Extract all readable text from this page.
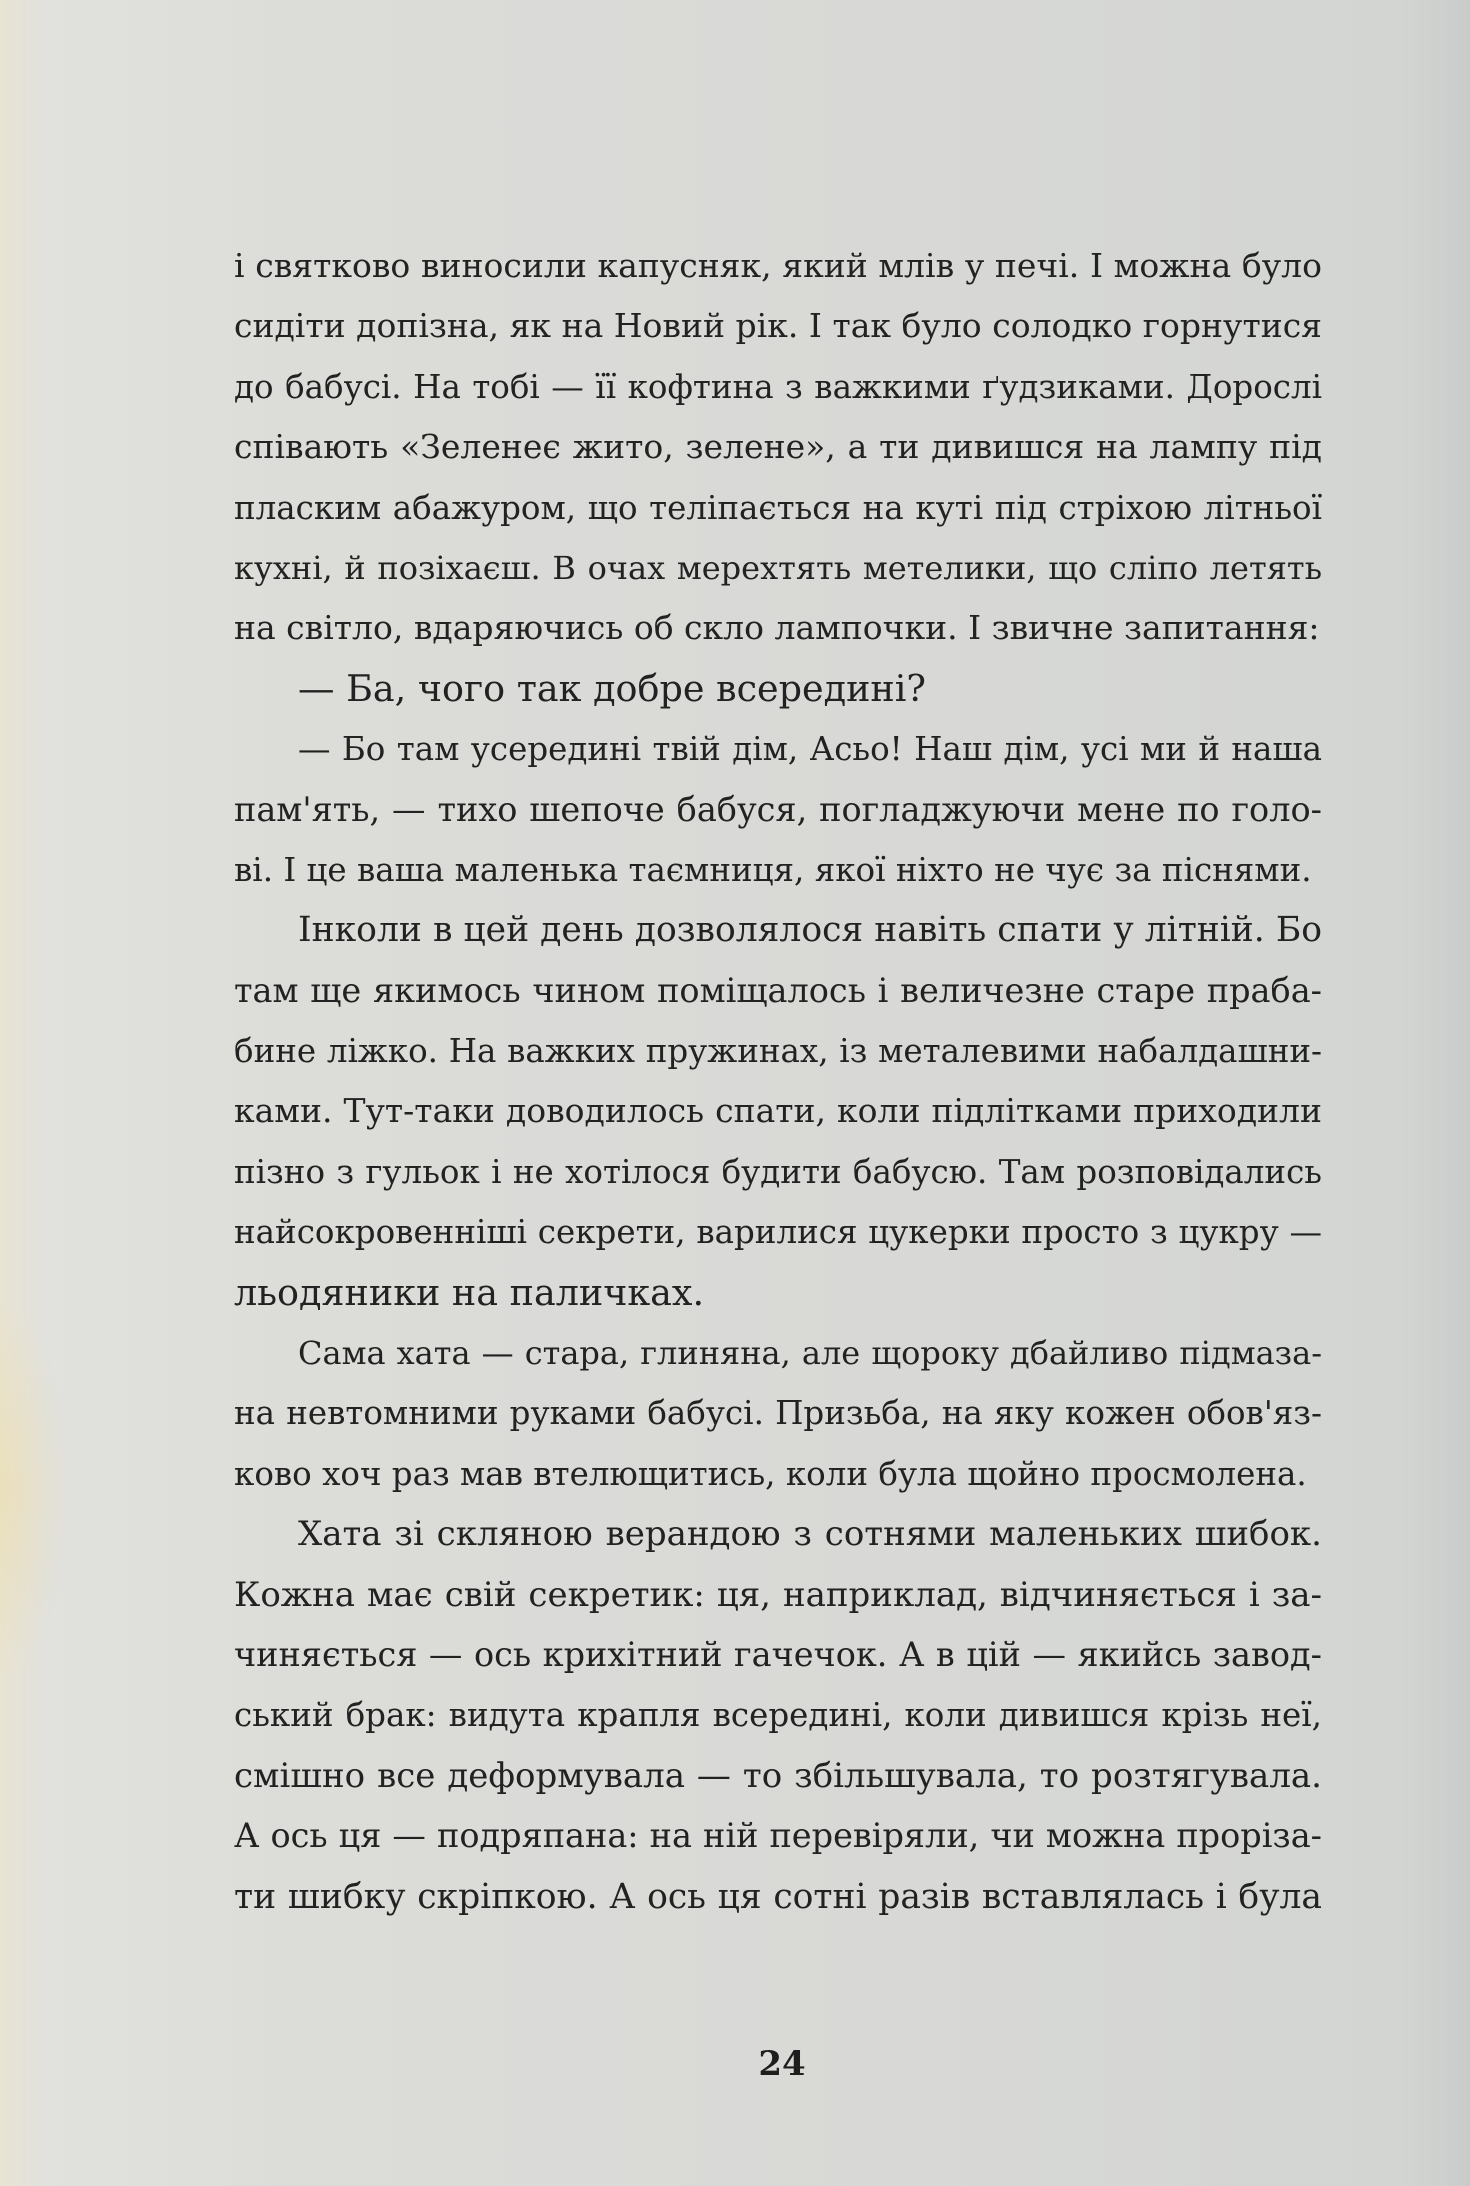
і святково виносили капусняк, який млів у печі. І можна було
сидіти допізна, як на Новий рік. І так було солодко горнутися
до бабусі. На тобі — її кофтина з важкими ґудзиками. Дорослі
співають «Зеленеє жито, зелене», а ти дивишся на лампу під
пласким абажуром, що теліпається на куті під стріхою літньої
кухні, й позіхаєш. В очах мерехтять метелики, що сліпо летять
на світло, вдаряючись об скло лампочки. І звичне запитання:
— Ба, чого так добре всередині?
— Бо там усередині твій дім, Асьо! Наш дім, усі ми й наша
пам'ять, — тихо шепоче бабуся, погладжуючи мене по голо-
ві. І це ваша маленька таємниця, якої ніхто не чує за піснями.
Інколи в цей день дозволялося навіть спати у літній. Бо
там ще якимось чином поміщалось і величезне старе праба-
бине ліжко. На важких пружинах, із металевими набалдашни-
ками. Тут-таки доводилось спати, коли підлітками приходили
пізно з гульок і не хотілося будити бабусю. Там розповідались
найсокровенніші секрети, варилися цукерки просто з цукру —
льодяники на паличках.
Сама хата — стара, глиняна, але щороку дбайливо підмаза-
на невтомними руками бабусі. Призьба, на яку кожен обов'яз-
ково хоч раз мав втелющитись, коли була щойно просмолена.
Хата зі скляною верандою з сотнями маленьких шибок.
Кожна має свій секретик: ця, наприклад, відчиняється і за-
чиняється — ось крихітний гачечок. А в цій — якийсь завод-
ський брак: видута крапля всередині, коли дивишся крізь неї,
смішно все деформувала — то збільшувала, то розтягувала.
А ось ця — подряпана: на ній перевіряли, чи можна проріза-
ти шибку скріпкою. А ось ця сотні разів вставлялась і була
24
